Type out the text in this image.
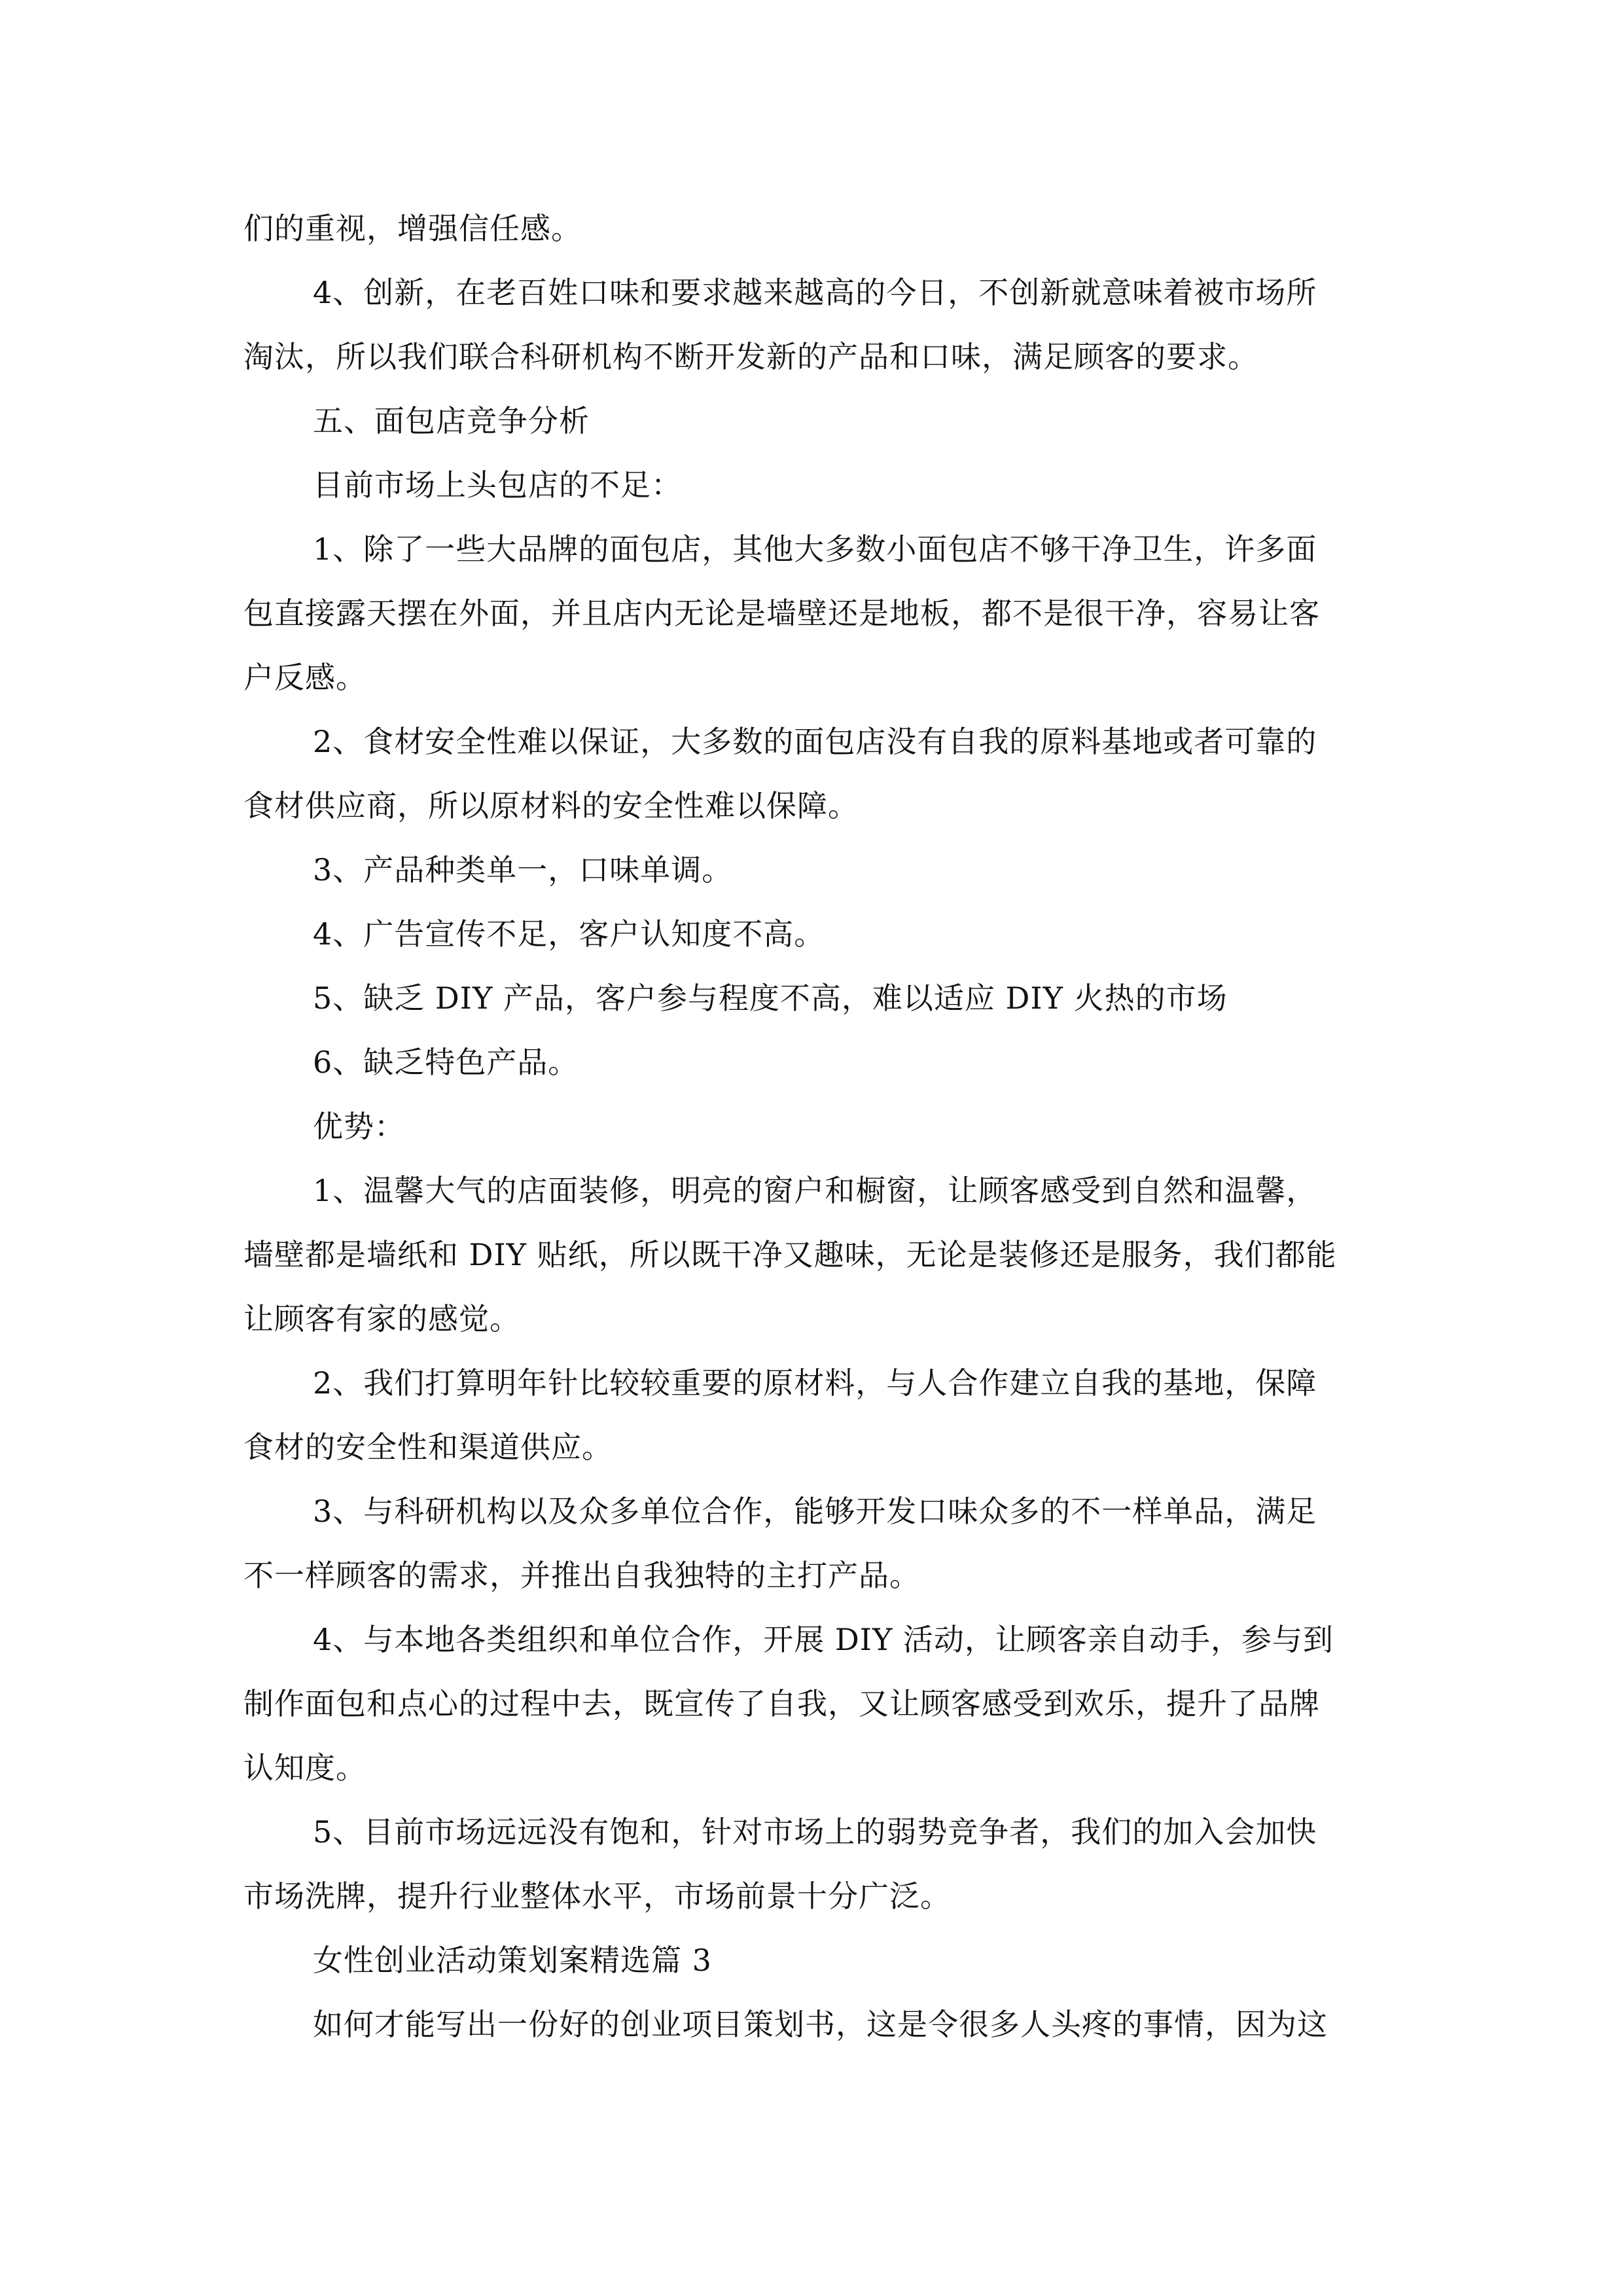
们的重视，增强信任感。
4、创新，在老百姓口味和要求越来越高的今日，不创新就意味着被市场所
淘汰，所以我们联合科研机构不断开发新的产品和口味，满足顾客的要求。
五、面包店竞争分析
目前市场上头包店的不足：
1、除了一些大品牌的面包店，其他大多数小面包店不够干净卫生，许多面
包直接露天摆在外面，并且店内无论是墙壁还是地板，都不是很干净，容易让客
户反感。
2、食材安全性难以保证，大多数的面包店没有自我的原料基地或者可靠的
食材供应商，所以原材料的安全性难以保障。
3、产品种类单一，口味单调。
4、广告宣传不足，客户认知度不高。
5、缺乏 DIY 产品，客户参与程度不高，难以适应 DIY 火热的市场
6、缺乏特色产品。
优势：
1、温馨大气的店面装修，明亮的窗户和橱窗，让顾客感受到自然和温馨，
墙壁都是墙纸和 DIY 贴纸，所以既干净又趣味，无论是装修还是服务，我们都能
让顾客有家的感觉。
2、我们打算明年针比较较重要的原材料，与人合作建立自我的基地，保障
食材的安全性和渠道供应。
3、与科研机构以及众多单位合作，能够开发口味众多的不一样单品，满足
不一样顾客的需求，并推出自我独特的主打产品。
4、与本地各类组织和单位合作，开展 DIY 活动，让顾客亲自动手，参与到
制作面包和点心的过程中去，既宣传了自我，又让顾客感受到欢乐，提升了品牌
认知度。
5、目前市场远远没有饱和，针对市场上的弱势竞争者，我们的加入会加快
市场洗牌，提升行业整体水平，市场前景十分广泛。
女性创业活动策划案精选篇 3
如何才能写出一份好的创业项目策划书，这是令很多人头疼的事情，因为这
